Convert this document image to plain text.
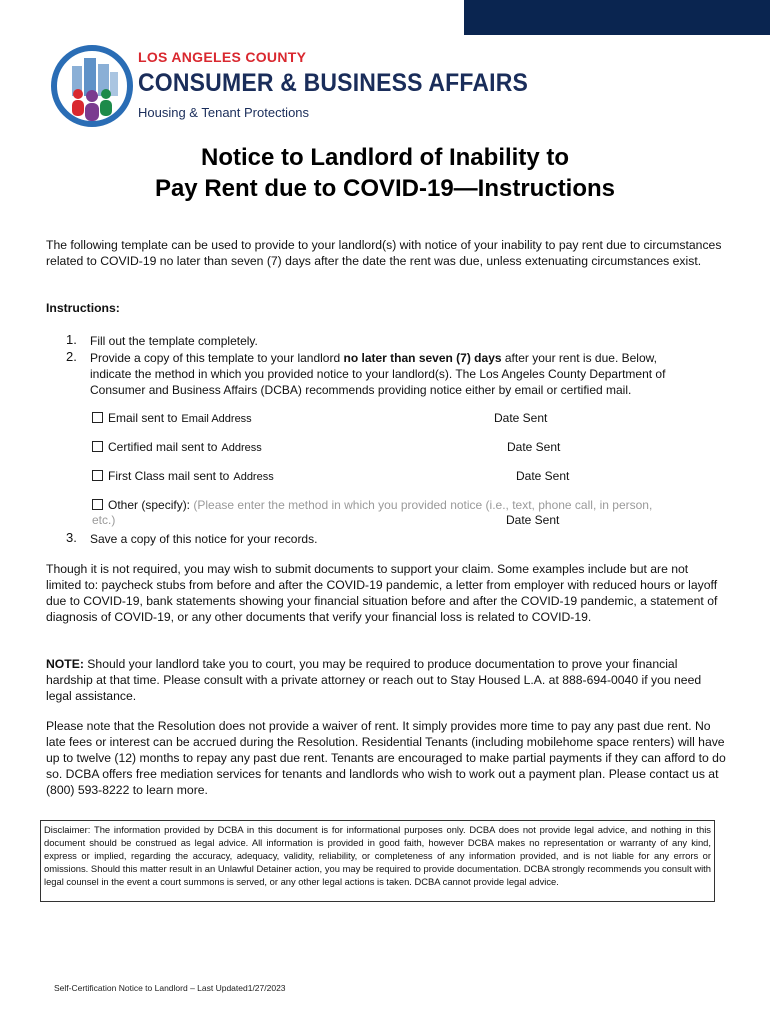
LOS ANGELES COUNTY
CONSUMER & BUSINESS AFFAIRS
Housing & Tenant Protections
Notice to Landlord of Inability to
Pay Rent due to COVID-19—Instructions
The following template can be used to provide to your landlord(s) with notice of your inability to pay rent due to circumstances related to COVID-19 no later than seven (7) days after the date the rent was due, unless extenuating circumstances exist.
Instructions:
1. Fill out the template completely.
2. Provide a copy of this template to your landlord no later than seven (7) days after your rent is due. Below, indicate the method in which you provided notice to your landlord(s). The Los Angeles County Department of Consumer and Business Affairs (DCBA) recommends providing notice either by email or certified mail.
Email sent to Email Address	Date Sent
Certified mail sent to Address	Date Sent
First Class mail sent to Address	Date Sent
Other (specify): (Please enter the method in which you provided notice (i.e., text, phone call, in person,
etc.)	Date Sent
3. Save a copy of this notice for your records.
Though it is not required, you may wish to submit documents to support your claim. Some examples include but are not limited to: paycheck stubs from before and after the COVID-19 pandemic, a letter from employer with reduced hours or layoff due to COVID-19, bank statements showing your financial situation before and after the COVID-19 pandemic, a statement of diagnosis of COVID-19, or any other documents that verify your financial loss is related to COVID-19.
NOTE: Should your landlord take you to court, you may be required to produce documentation to prove your financial hardship at that time. Please consult with a private attorney or reach out to Stay Housed L.A. at 888-694-0040 if you need legal assistance.
Please note that the Resolution does not provide a waiver of rent. It simply provides more time to pay any past due rent. No late fees or interest can be accrued during the Resolution. Residential Tenants (including mobilehome space renters) will have up to twelve (12) months to repay any past due rent. Tenants are encouraged to make partial payments if they can afford to do so. DCBA offers free mediation services for tenants and landlords who wish to work out a payment plan. Please contact us at (800) 593-8222 to learn more.
Disclaimer: The information provided by DCBA in this document is for informational purposes only. DCBA does not provide legal advice, and nothing in this document should be construed as legal advice. All information is provided in good faith, however DCBA makes no representation or warranty of any kind, express or implied, regarding the accuracy, adequacy, validity, reliability, or completeness of any information provided, and is not liable for any errors or omissions. Should this matter result in an Unlawful Detainer action, you may be required to provide documentation. DCBA strongly recommends you consult with legal counsel in the event a court summons is served, or any other legal actions is taken. DCBA cannot provide legal advice.
Self-Certification Notice to Landlord – Last Updated1/27/2023
